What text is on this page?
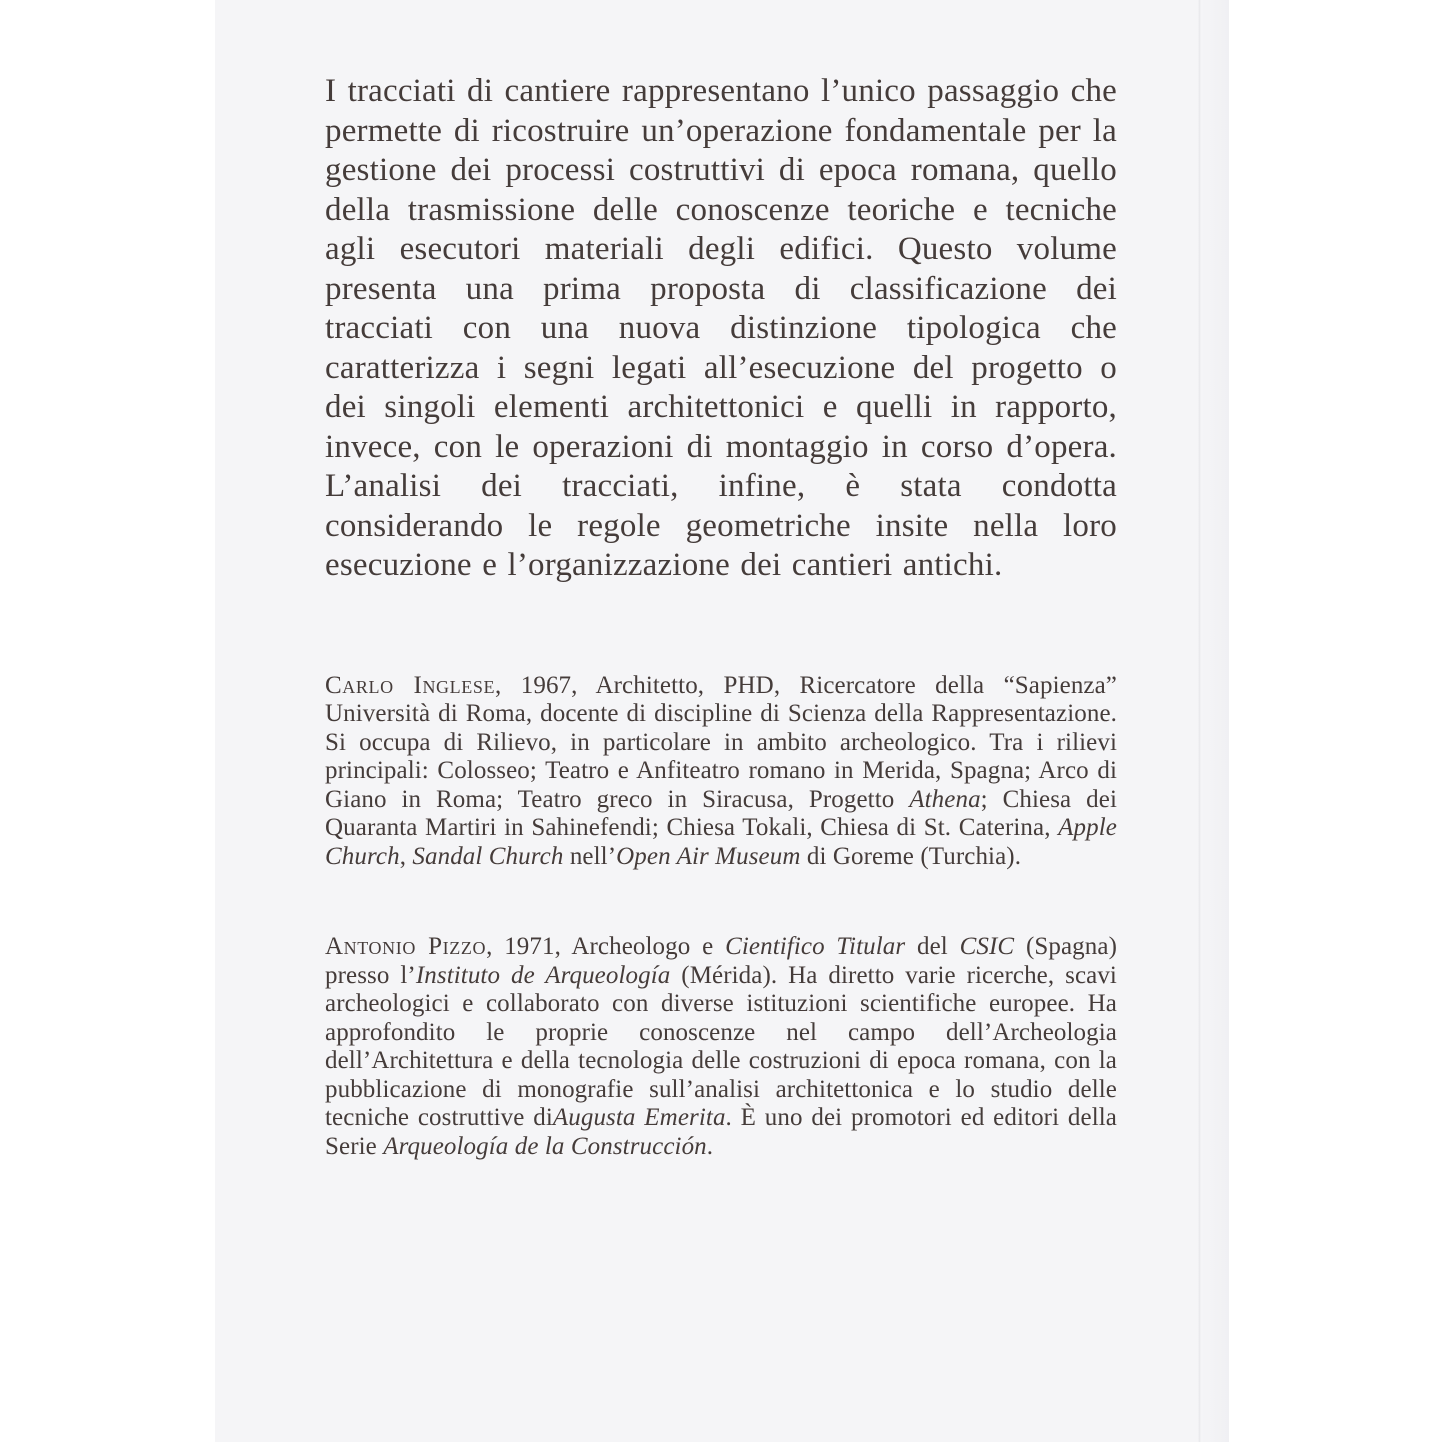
I tracciati di cantiere rappresentano l’unico passaggio che permette di ricostruire un’operazione fondamentale per la gestione dei processi costruttivi di epoca romana, quello della trasmissione delle conoscenze teoriche e tecniche agli esecutori materiali degli edifici. Questo volume presenta una prima proposta di classificazione dei tracciati con una nuova distinzione tipologica che caratterizza i segni legati all’esecuzione del progetto o dei singoli elementi architettonici e quelli in rapporto, invece, con le operazioni di montaggio in corso d’opera. L’analisi dei tracciati, infine, è stata condotta considerando le regole geometriche insite nella loro esecuzione e l’organizzazione dei cantieri antichi.

Carlo Inglese, 1967, Architetto, PHD, Ricercatore della “Sapienza” Università di Roma, docente di discipline di Scienza della Rappresentazione. Si occupa di Rilievo, in particolare in ambito archeologico. Tra i rilievi principali: Colosseo; Teatro e Anfiteatro romano in Merida, Spagna; Arco di Giano in Roma; Teatro greco in Siracusa, Progetto Athena; Chiesa dei Quaranta Martiri in Sahinefendi; Chiesa Tokali, Chiesa di St. Caterina, Apple Church, Sandal Church nell’Open Air Museum di Goreme (Turchia).

Antonio Pizzo, 1971, Archeologo e Cientifico Titular del CSIC (Spagna) presso l’Instituto de Arqueología (Mérida). Ha diretto varie ricerche, scavi archeologici e collaborato con diverse istituzioni scientifiche europee. Ha approfondito le proprie conoscenze nel campo dell’Archeologia dell’Architettura e della tecnologia delle costruzioni di epoca romana, con la pubblicazione di monografie sull’analisi architettonica e lo studio delle tecniche costruttive diAugusta Emerita. È uno dei promotori ed editori della Serie Arqueología de la Construcción.
